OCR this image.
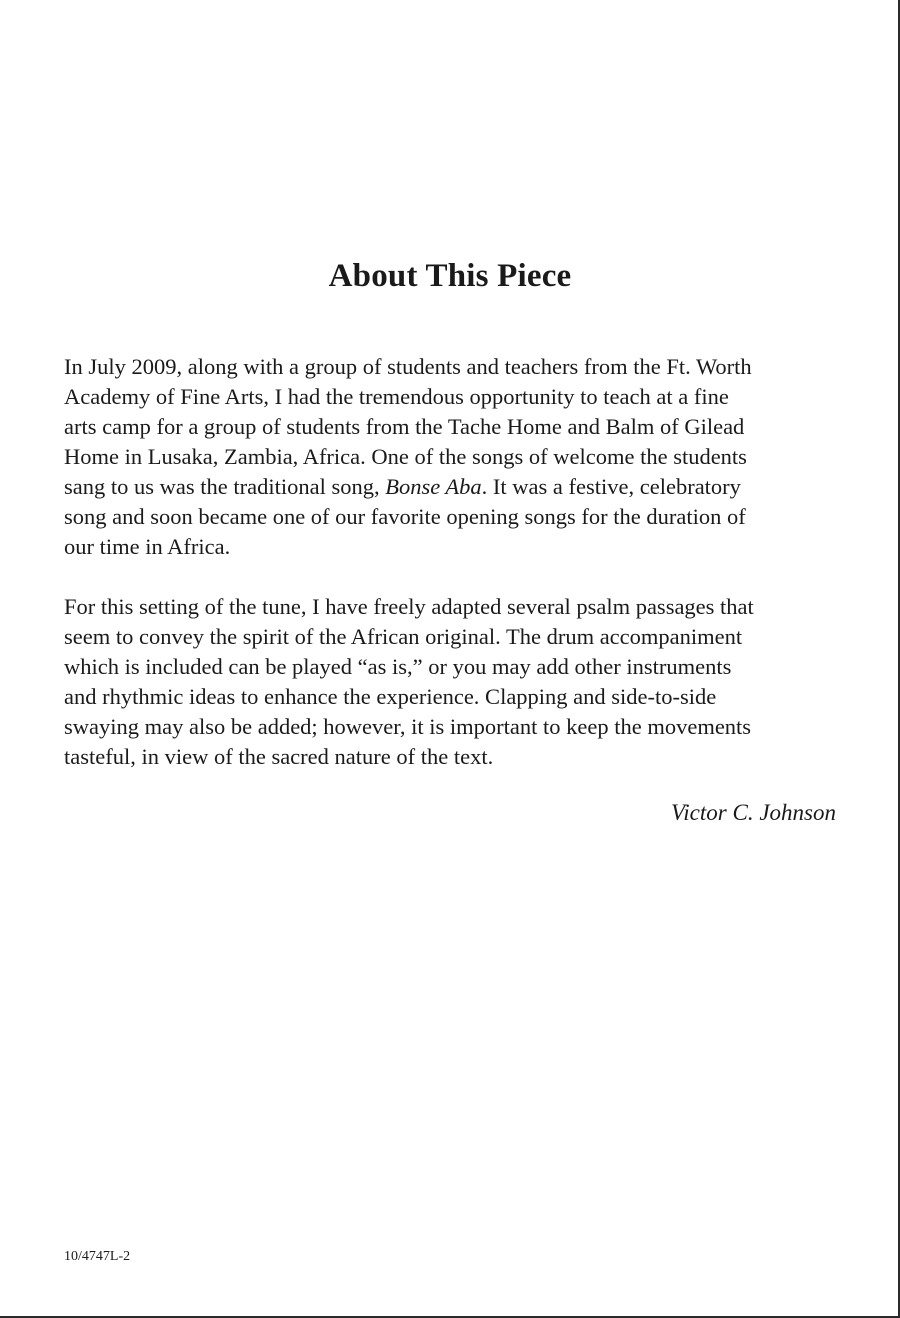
About This Piece

In July 2009, along with a group of students and teachers from the Ft. Worth
Academy of Fine Arts, I had the tremendous opportunity to teach at a fine
arts camp for a group of students from the Tache Home and Balm of Gilead
Home in Lusaka, Zambia, Africa. One of the songs of welcome the students
sang to us was the traditional song, Bonse Aba. It was a festive, celebratory
song and soon became one of our favorite opening songs for the duration of
our time in Africa.

For this setting of the tune, I have freely adapted several psalm passages that
seem to convey the spirit of the African original. The drum accompaniment
which is included can be played “as is,” or you may add other instruments
and rhythmic ideas to enhance the experience. Clapping and side-to-side
swaying may also be added; however, it is important to keep the movements
tasteful, in view of the sacred nature of the text.

Victor C. Johnson

10/4747L-2
